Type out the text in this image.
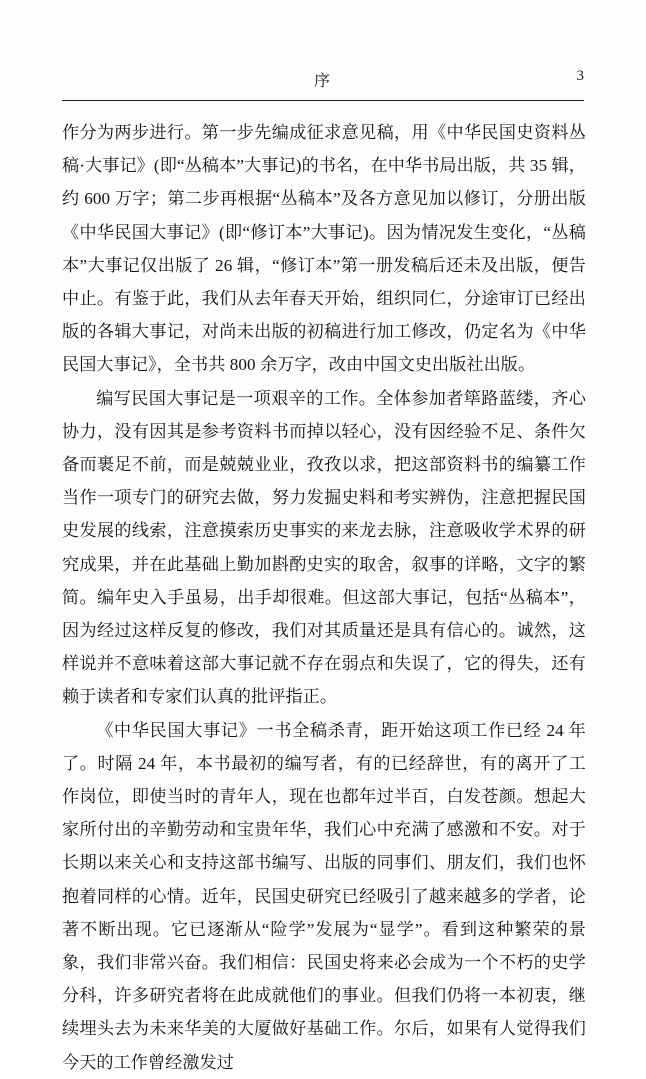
序	3

作分为两步进行。第一步先编成征求意见稿，用《中华民国史资料丛稿·大事记》(即“丛稿本”大事记)的书名，在中华书局出版，共 35 辑，约 600 万字；第二步再根据“丛稿本”及各方意见加以修订，分册出版《中华民国大事记》(即“修订本”大事记)。因为情况发生变化，“丛稿本”大事记仅出版了 26 辑，“修订本”第一册发稿后还未及出版，便告中止。有鉴于此，我们从去年春天开始，组织同仁，分途审订已经出版的各辑大事记，对尚未出版的初稿进行加工修改，仍定名为《中华民国大事记》，全书共 800 余万字，改由中国文史出版社出版。

编写民国大事记是一项艰辛的工作。全体参加者筚路蓝缕，齐心协力，没有因其是参考资料书而掉以轻心，没有因经验不足、条件欠备而裹足不前，而是兢兢业业，孜孜以求，把这部资料书的编纂工作当作一项专门的研究去做，努力发掘史料和考实辨伪，注意把握民国史发展的线索，注意摸索历史事实的来龙去脉，注意吸收学术界的研究成果，并在此基础上勤加斟酌史实的取舍，叙事的详略，文字的繁简。编年史入手虽易，出手却很难。但这部大事记，包括“丛稿本”，因为经过这样反复的修改，我们对其质量还是具有信心的。诚然，这样说并不意味着这部大事记就不存在弱点和失误了，它的得失，还有赖于读者和专家们认真的批评指正。

《中华民国大事记》一书全稿杀青，距开始这项工作已经 24 年了。时隔 24 年，本书最初的编写者，有的已经辞世，有的离开了工作岗位，即使当时的青年人，现在也都年过半百，白发苍颜。想起大家所付出的辛勤劳动和宝贵年华，我们心中充满了感激和不安。对于长期以来关心和支持这部书编写、出版的同事们、朋友们，我们也怀抱着同样的心情。近年，民国史研究已经吸引了越来越多的学者，论著不断出现。它已逐渐从“险学”发展为“显学”。看到这种繁荣的景象，我们非常兴奋。我们相信：民国史将来必会成为一个不朽的史学分科，许多研究者将在此成就他们的事业。但我们仍将一本初衷，继续埋头去为未来华美的大厦做好基础工作。尔后，如果有人觉得我们今天的工作曾经激发过
